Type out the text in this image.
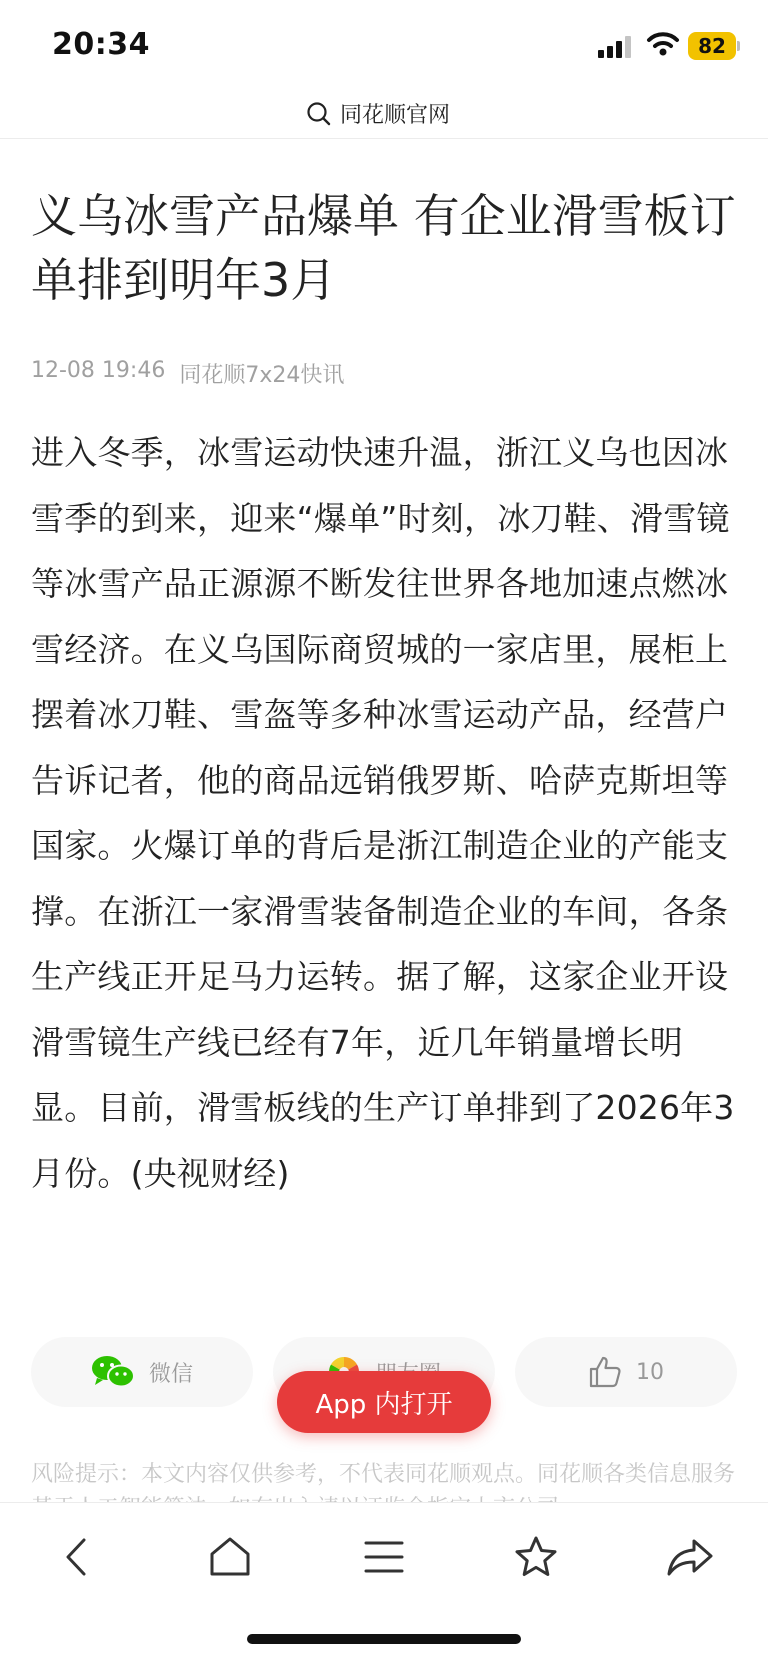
20:34	82
同花顺官网
义乌冰雪产品爆单 有企业滑雪板订单排到明年3月
12-08 19:46 同花顺7x24快讯

进入冬季，冰雪运动快速升温，浙江义乌也因冰雪季的到来，迎来“爆单”时刻，冰刀鞋、滑雪镜等冰雪产品正源源不断发往世界各地加速点燃冰雪经济。在义乌国际商贸城的一家店里，展柜上摆着冰刀鞋、雪盔等多种冰雪运动产品，经营户告诉记者，他的商品远销俄罗斯、哈萨克斯坦等国家。火爆订单的背后是浙江制造企业的产能支撑。在浙江一家滑雪装备制造企业的车间，各条生产线正开足马力运转。据了解，这家企业开设滑雪镜生产线已经有7年，近几年销量增长明显。目前，滑雪板线的生产订单排到了2026年3月份。(央视财经)

微信	10
App 内打开

风险提示：本文内容仅供参考，不代表同花顺观点。同花顺各类信息服务
